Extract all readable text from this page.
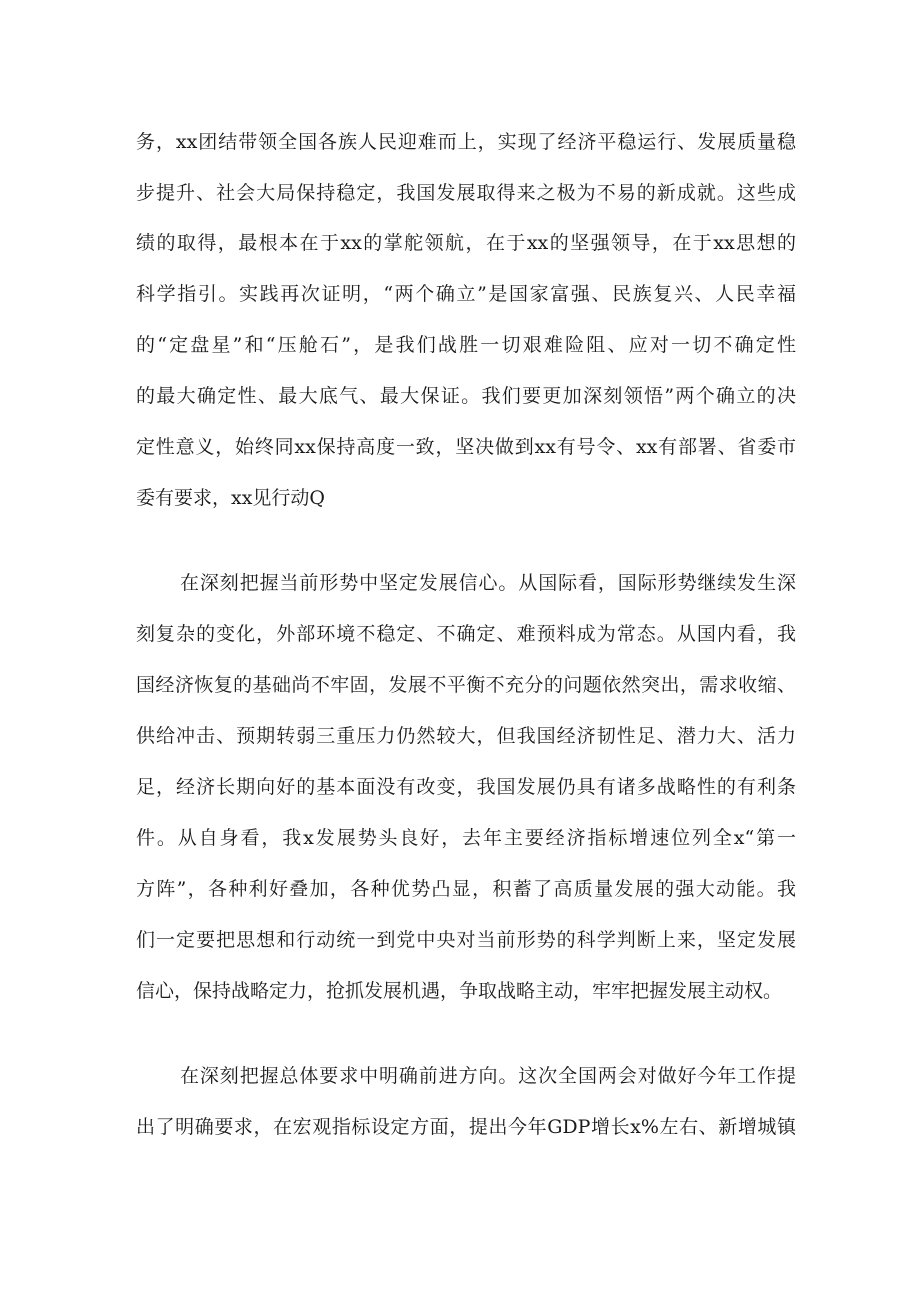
务，xx团结带领全国各族人民迎难而上，实现了经济平稳运行、发展质量稳
步提升、社会大局保持稳定，我国发展取得来之极为不易的新成就。这些成
绩的取得，最根本在于xx的掌舵领航，在于xx的坚强领导，在于xx思想的
科学指引。实践再次证明，“两个确立”是国家富强、民族复兴、人民幸福
的“定盘星”和“压舱石”，是我们战胜一切艰难险阻、应对一切不确定性
的最大确定性、最大底气、最大保证。我们要更加深刻领悟”两个确立的决
定性意义，始终同xx保持高度一致，坚决做到xx有号令、xx有部署、省委市
委有要求，xx见行动Q
在深刻把握当前形势中坚定发展信心。从国际看，国际形势继续发生深
刻复杂的变化，外部环境不稳定、不确定、难预料成为常态。从国内看，我
国经济恢复的基础尚不牢固，发展不平衡不充分的问题依然突出，需求收缩、
供给冲击、预期转弱三重压力仍然较大，但我国经济韧性足、潜力大、活力
足，经济长期向好的基本面没有改变，我国发展仍具有诸多战略性的有利条
件。从自身看，我x发展势头良好，去年主要经济指标增速位列全x“第一
方阵”，各种利好叠加，各种优势凸显，积蓄了高质量发展的强大动能。我
们一定要把思想和行动统一到党中央对当前形势的科学判断上来，坚定发展
信心，保持战略定力，抢抓发展机遇，争取战略主动，牢牢把握发展主动权。
在深刻把握总体要求中明确前进方向。这次全国两会对做好今年工作提
出了明确要求，在宏观指标设定方面，提出今年GDP增长x%左右、新增城镇
